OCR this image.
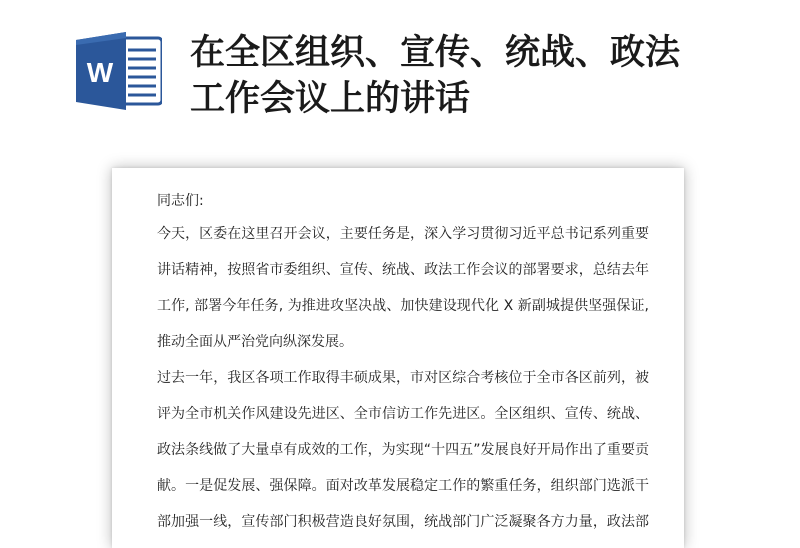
W 在全区组织、宣传、统战、政法
工作会议上的讲话
同志们:
今天，区委在这里召开会议，主要任务是，深入学习贯彻习近平总书记系列重要
讲话精神，按照省市委组织、宣传、统战、政法工作会议的部署要求，总结去年
工作, 部署今年任务, 为推进攻坚决战、加快建设现代化 X 新副城提供坚强保证,
推动全面从严治党向纵深发展。
过去一年，我区各项工作取得丰硕成果，市对区综合考核位于全市各区前列，被
评为全市机关作风建设先进区、全市信访工作先进区。全区组织、宣传、统战、
政法条线做了大量卓有成效的工作，为实现“十四五”发展良好开局作出了重要贡
献。一是促发展、强保障。面对改革发展稳定工作的繁重任务，组织部门选派干
部加强一线，宣传部门积极营造良好氛围，统战部门广泛凝聚各方力量，政法部
